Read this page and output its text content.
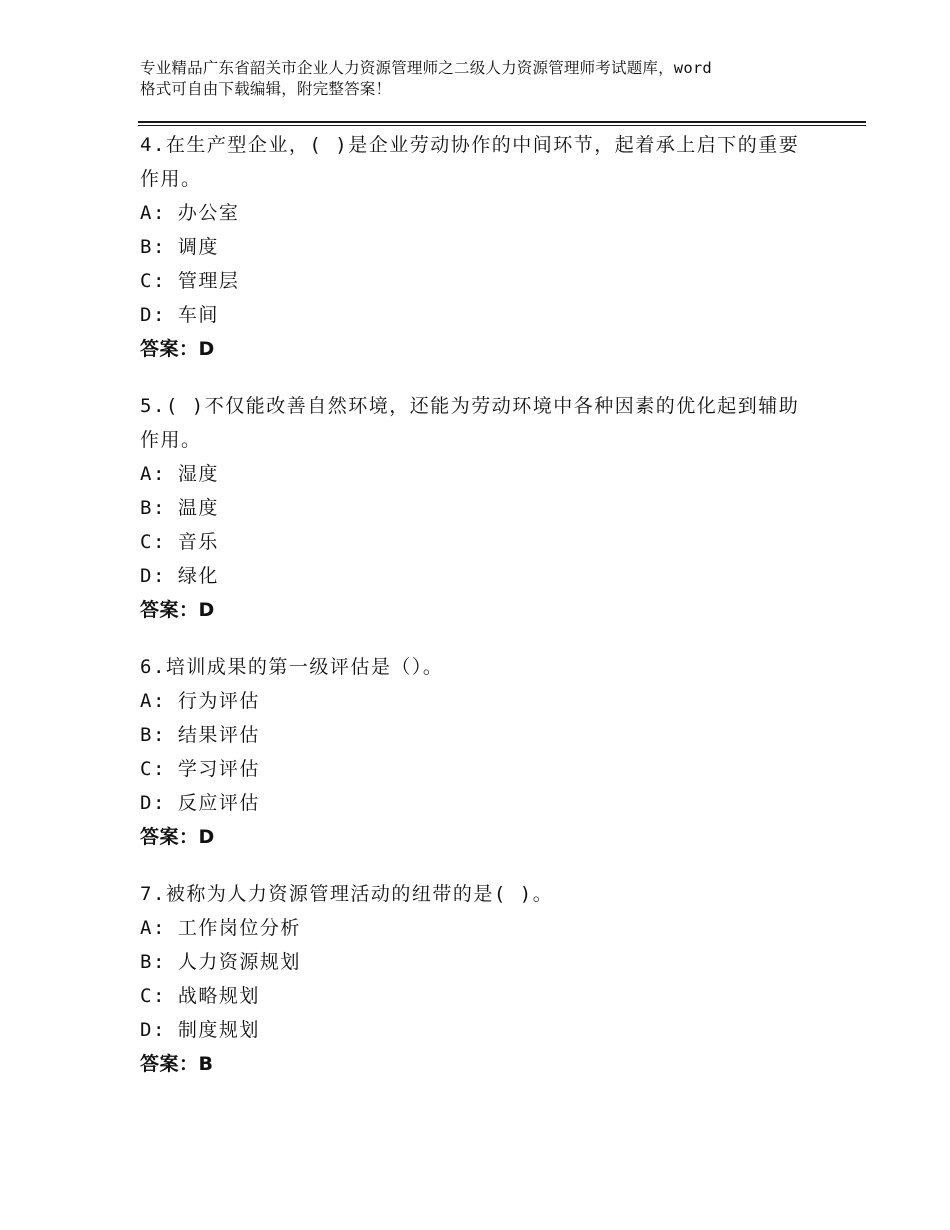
专业精品广东省韶关市企业人力资源管理师之二级人力资源管理师考试题库，word
格式可自由下载编辑，附完整答案！
4.在生产型企业，( )是企业劳动协作的中间环节，起着承上启下的重要作用。
A : 办公室
B : 调度
C : 管理层
D : 车间
答案：D
5.( )不仅能改善自然环境，还能为劳动环境中各种因素的优化起到辅助作用。
A : 湿度
B : 温度
C : 音乐
D : 绿化
答案：D
6.培训成果的第一级评估是（）。
A : 行为评估
B : 结果评估
C : 学习评估
D : 反应评估
答案：D
7.被称为人力资源管理活动的纽带的是( )。
A : 工作岗位分析
B : 人力资源规划
C : 战略规划
D : 制度规划
答案：B
